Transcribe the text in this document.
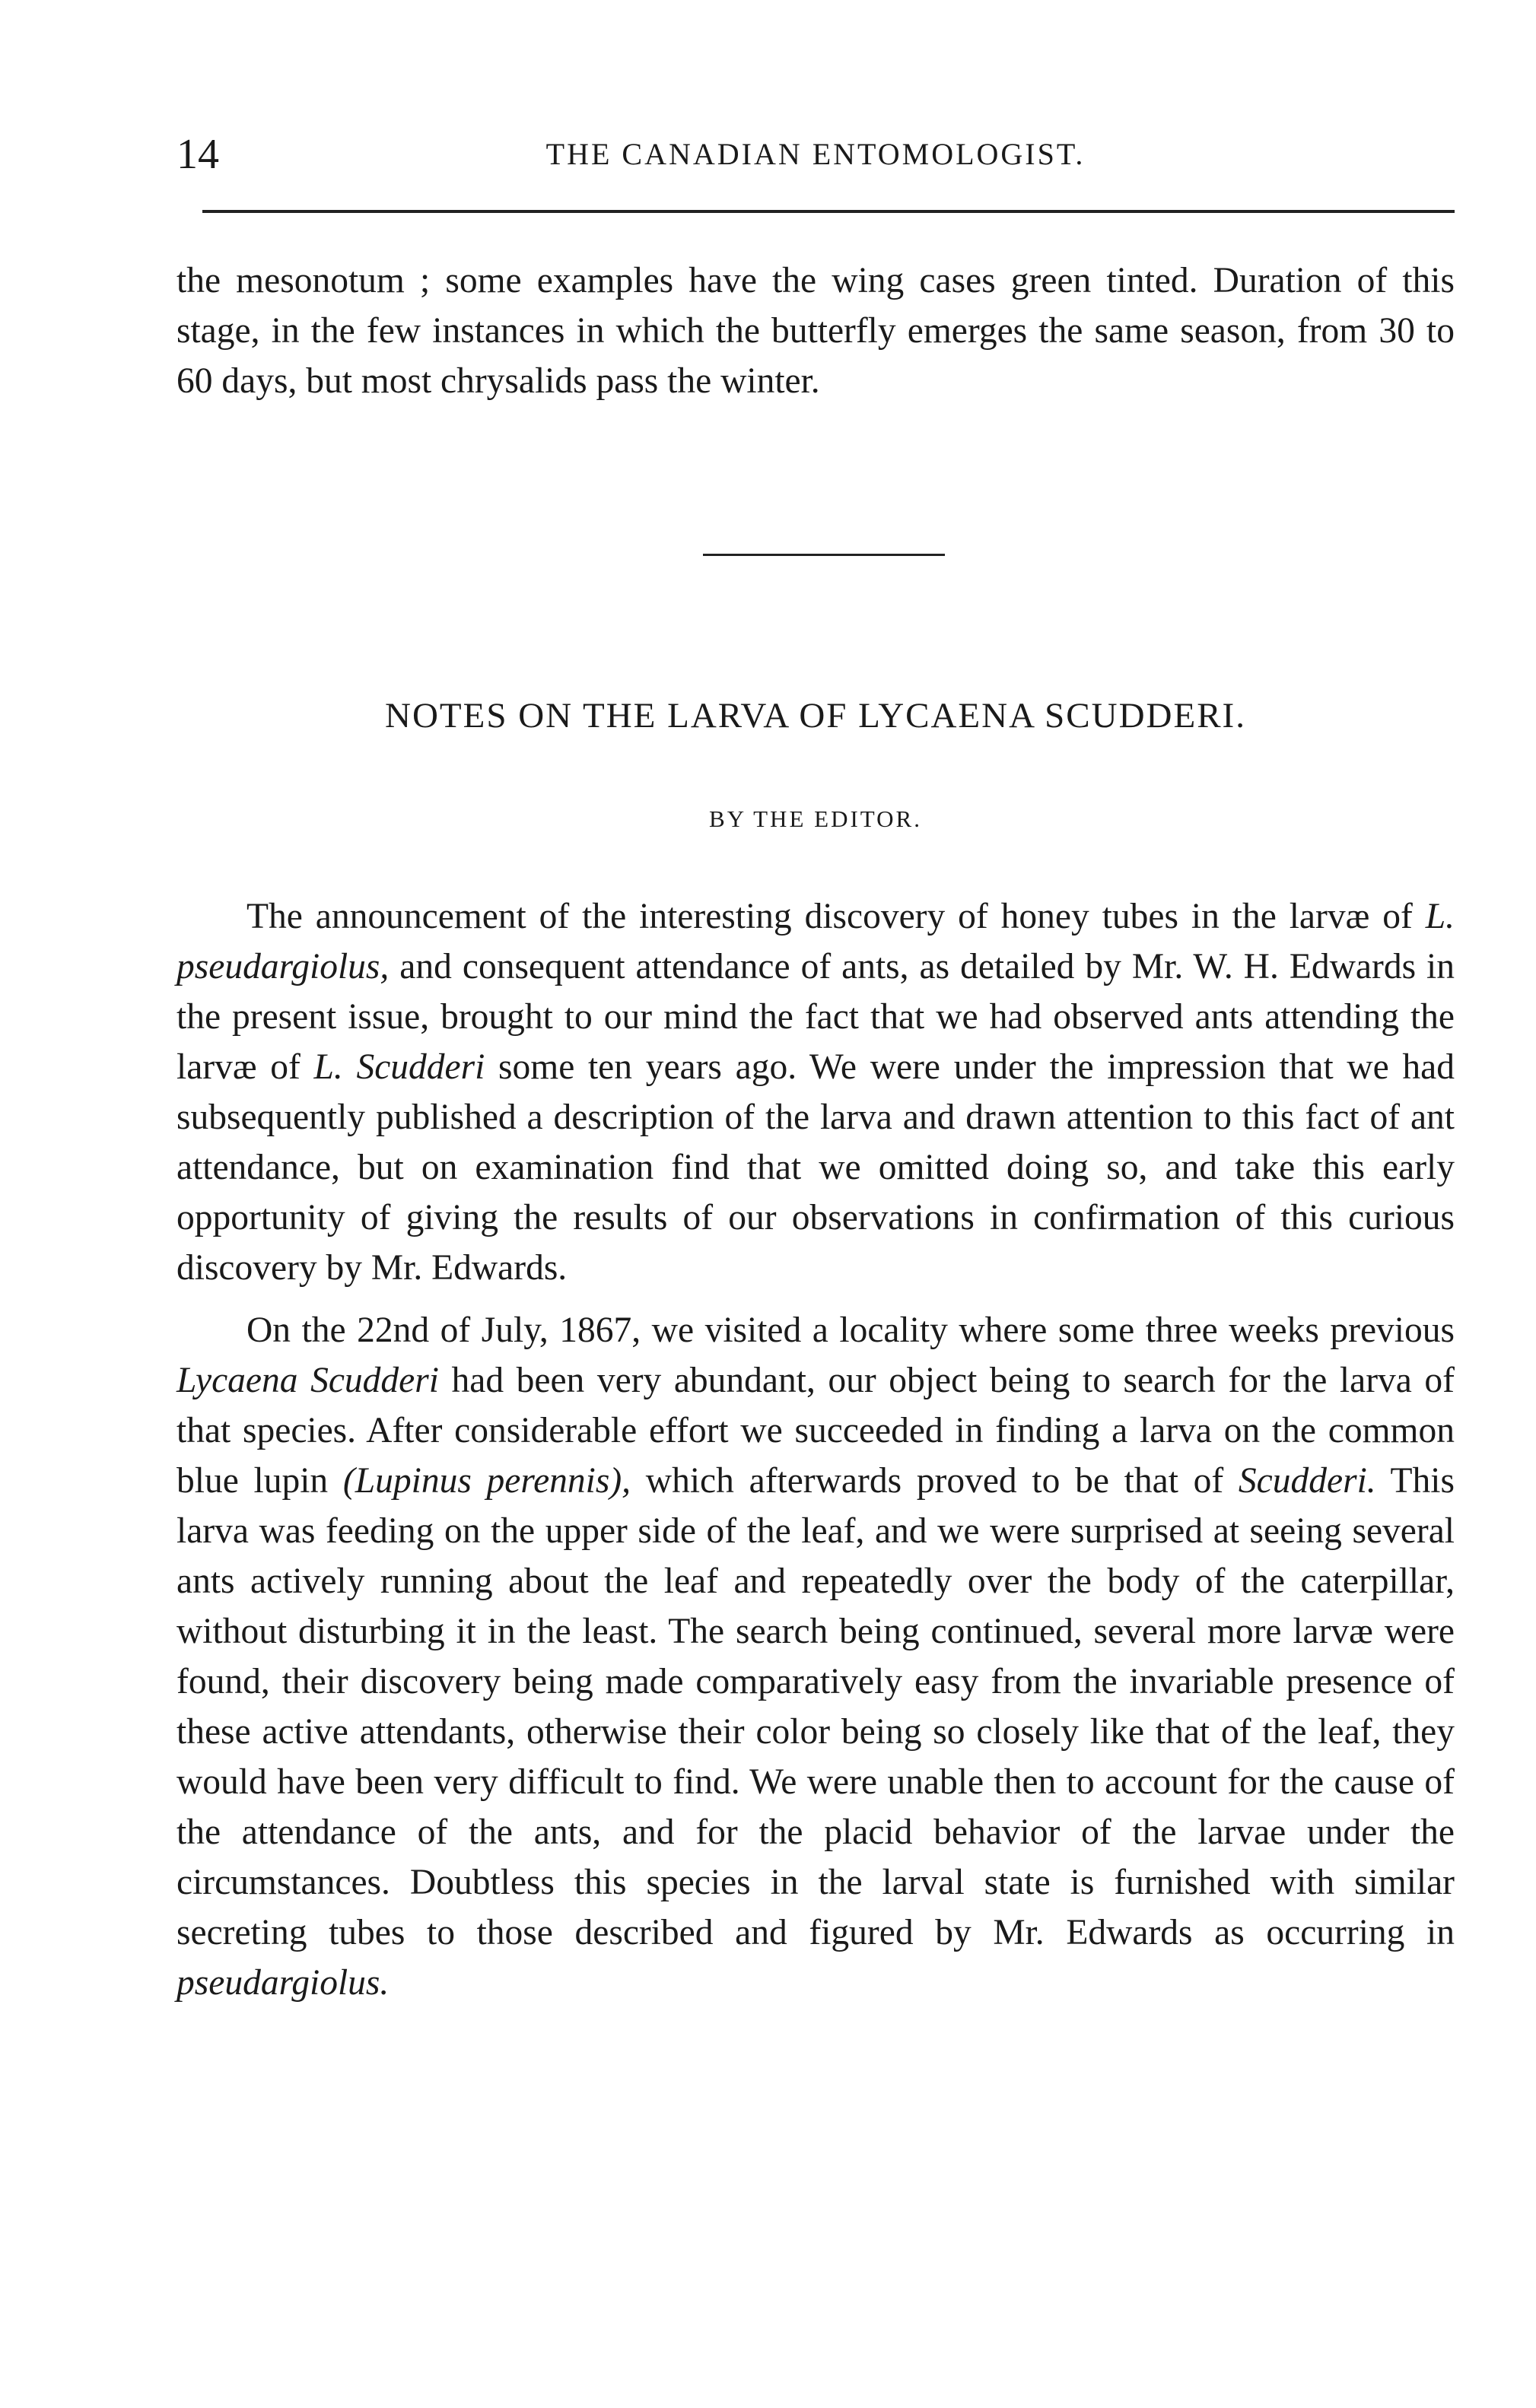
14	THE CANADIAN ENTOMOLOGIST.

the mesonotum ; some examples have the wing cases green tinted. Duration of this stage, in the few instances in which the butterfly emerges the same season, from 30 to 60 days, but most chrysalids pass the winter.

NOTES ON THE LARVA OF LYCAENA SCUDDERI.
BY THE EDITOR.

The announcement of the interesting discovery of honey tubes in the larvæ of L. pseudargiolus, and consequent attendance of ants, as detailed by Mr. W. H. Edwards in the present issue, brought to our mind the fact that we had observed ants attending the larvæ of L. Scudderi some ten years ago. We were under the impression that we had subsequently published a description of the larva and drawn attention to this fact of ant attendance, but on examination find that we omitted doing so, and take this early opportunity of giving the results of our observations in confirmation of this curious discovery by Mr. Edwards.

On the 22nd of July, 1867, we visited a locality where some three weeks previous Lycaena Scudderi had been very abundant, our object being to search for the larva of that species. After considerable effort we succeeded in finding a larva on the common blue lupin (Lupinus perennis), which afterwards proved to be that of Scudderi. This larva was feeding on the upper side of the leaf, and we were surprised at seeing several ants actively running about the leaf and repeatedly over the body of the caterpillar, without disturbing it in the least. The search being continued, several more larvæ were found, their discovery being made comparatively easy from the invariable presence of these active attendants, otherwise their color being so closely like that of the leaf, they would have been very difficult to find. We were unable then to account for the cause of the attendance of the ants, and for the placid behavior of the larvae under the circumstances. Doubtless this species in the larval state is furnished with similar secreting tubes to those described and figured by Mr. Edwards as occurring in pseudargiolus.
